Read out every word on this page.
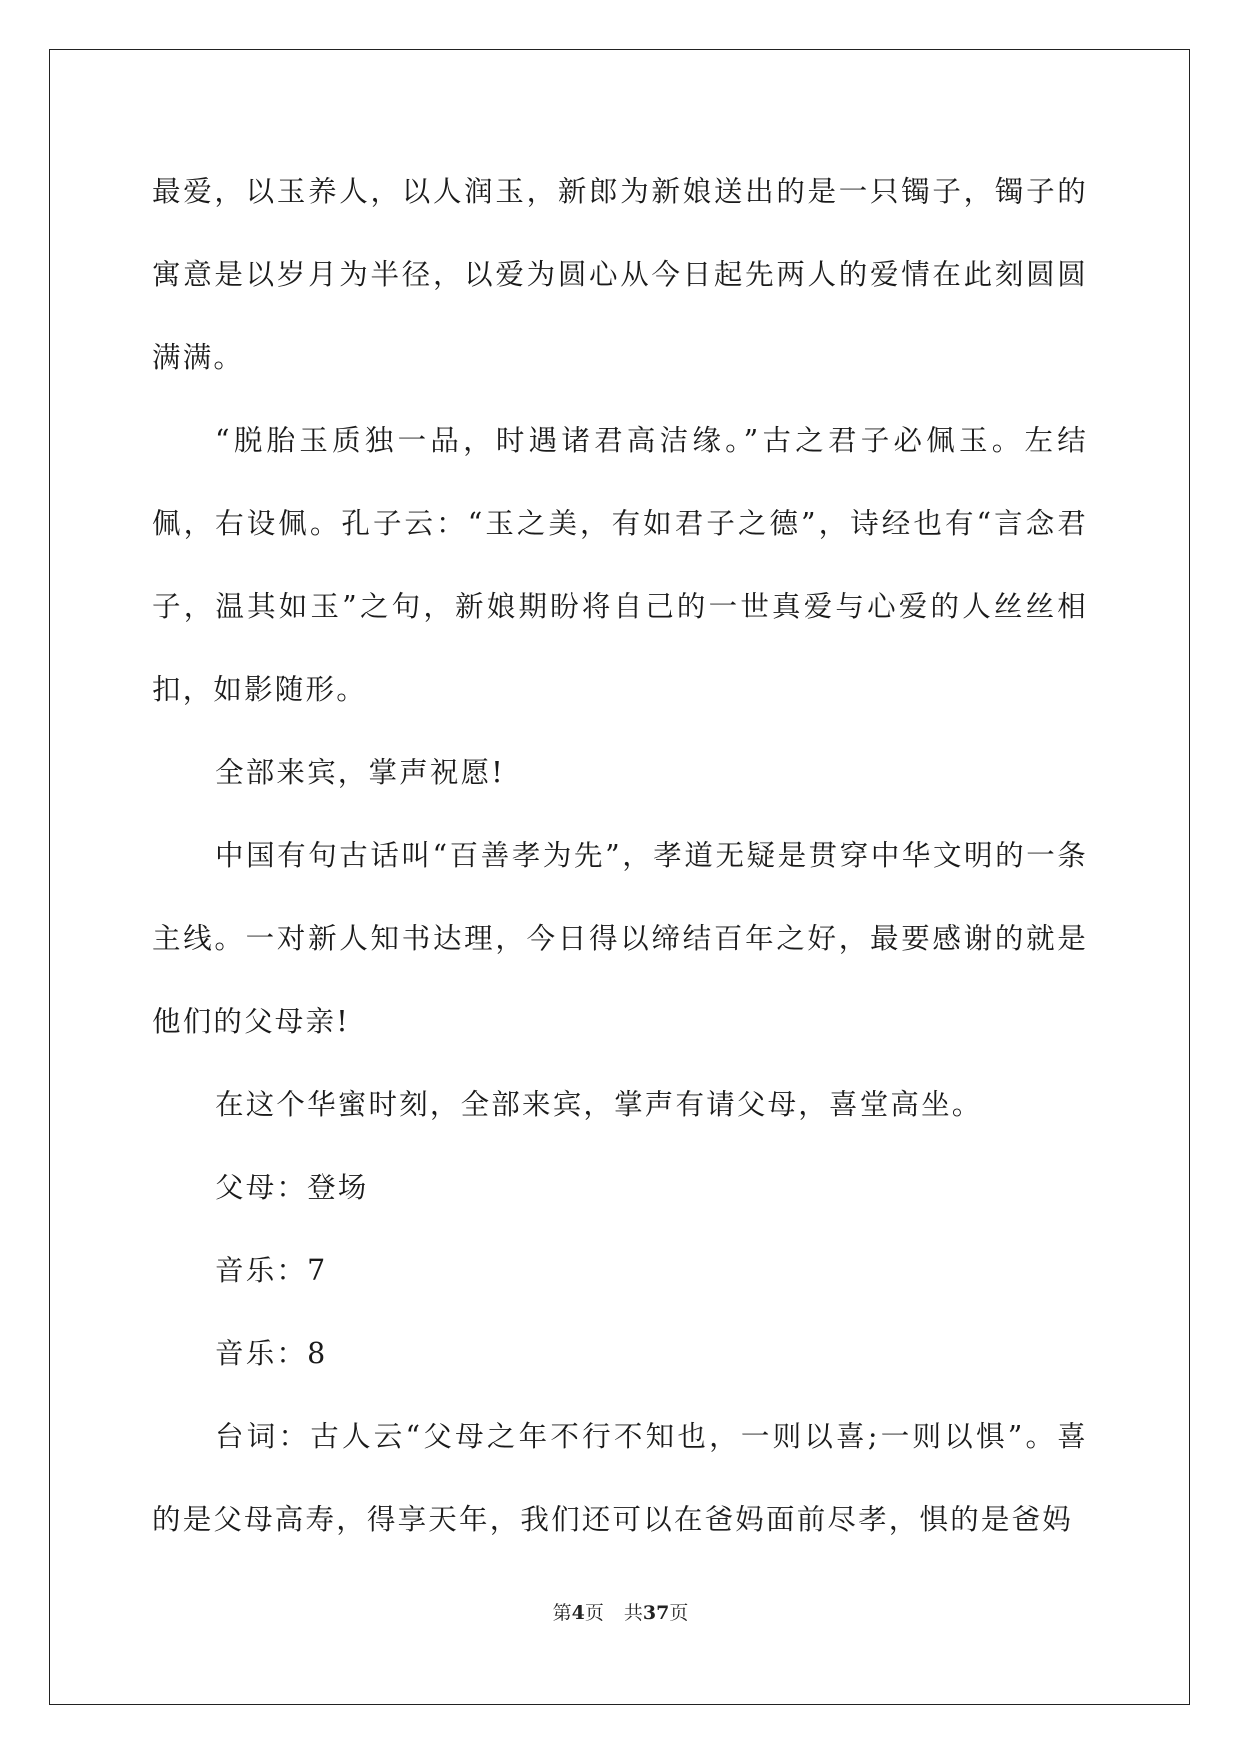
最爱，以玉养人，以人润玉，新郎为新娘送出的是一只镯子，镯子的寓意是以岁月为半径，以爱为圆心从今日起先两人的爱情在此刻圆圆满满。

“脱胎玉质独一品，时遇诸君高洁缘。”古之君子必佩玉。左结佩，右设佩。孔子云：“玉之美，有如君子之德”，诗经也有“言念君子，温其如玉”之句，新娘期盼将自己的一世真爱与心爱的人丝丝相扣，如影随形。

全部来宾，掌声祝愿!

中国有句古话叫“百善孝为先”，孝道无疑是贯穿中华文明的一条主线。一对新人知书达理，今日得以缔结百年之好，最要感谢的就是他们的父母亲!

在这个华蜜时刻，全部来宾，掌声有请父母，喜堂高坐。

父母：登场

音乐：7

音乐：8

台词：古人云“父母之年不行不知也，一则以喜;一则以惧”。喜的是父母高寿，得享天年，我们还可以在爸妈面前尽孝，惧的是爸妈

第4页 共37页
